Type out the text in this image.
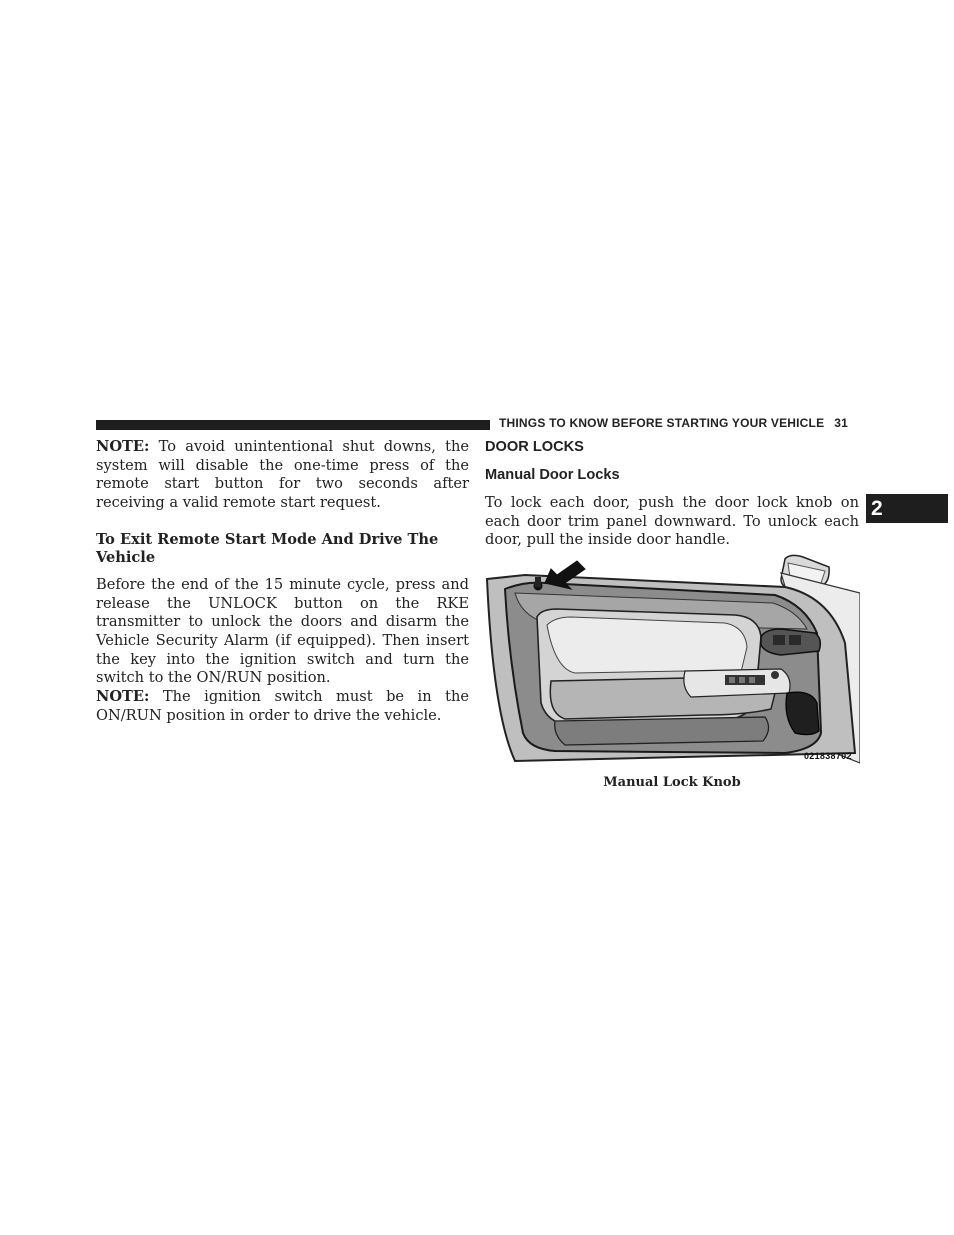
THINGS TO KNOW BEFORE STARTING YOUR VEHICLE 31
2

NOTE: To avoid unintentional shut downs, the system will disable the one-time press of the remote start button for two seconds after receiving a valid remote start request.

To Exit Remote Start Mode And Drive The Vehicle

Before the end of the 15 minute cycle, press and release the UNLOCK button on the RKE transmitter to unlock the doors and disarm the Vehicle Security Alarm (if equipped). Then insert the key into the ignition switch and turn the switch to the ON/RUN position.

NOTE: The ignition switch must be in the ON/RUN position in order to drive the vehicle.

DOOR LOCKS
Manual Door Locks

To lock each door, push the door lock knob on each door trim panel downward. To unlock each door, pull the inside door handle.

021838702
Manual Lock Knob
